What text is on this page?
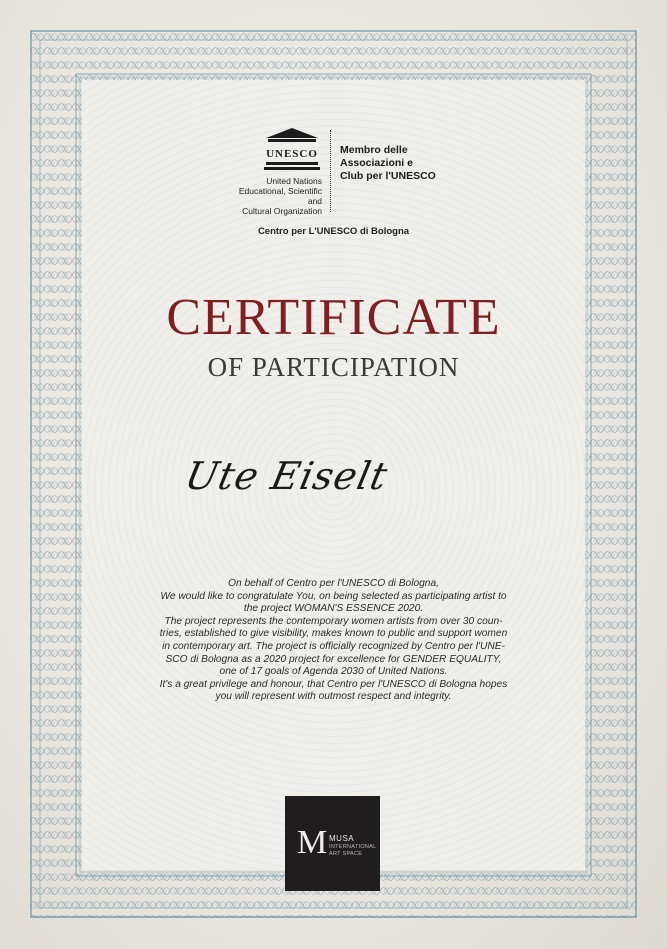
UNESCO
United Nations
Educational, Scientific and
Cultural Organization
Membro delle
Associazioni e
Club per l'UNESCO
Centro per L'UNESCO di Bologna
CERTIFICATE
OF PARTICIPATION
Ute Eiselt

On behalf of Centro per l'UNESCO di Bologna,

We would like to congratulate You, on being selected as participating artist to

the project WOMAN'S ESSENCE 2020.

The project represents the contemporary women artists from over 30 coun-

tries, established to give visibility, makes known to public and support women

in contemporary art. The project is officially recognized by Centro per l'UNE-

SCO di Bologna as a 2020 project for excellence for GENDER EQUALITY,

one of 17 goals of Agenda 2030 of United Nations.

It's a great privilege and honour, that Centro per l'UNESCO di Bologna hopes

you will represent with outmost respect and integrity.

M MUSA
INTERNATIONAL
ART SPACE
